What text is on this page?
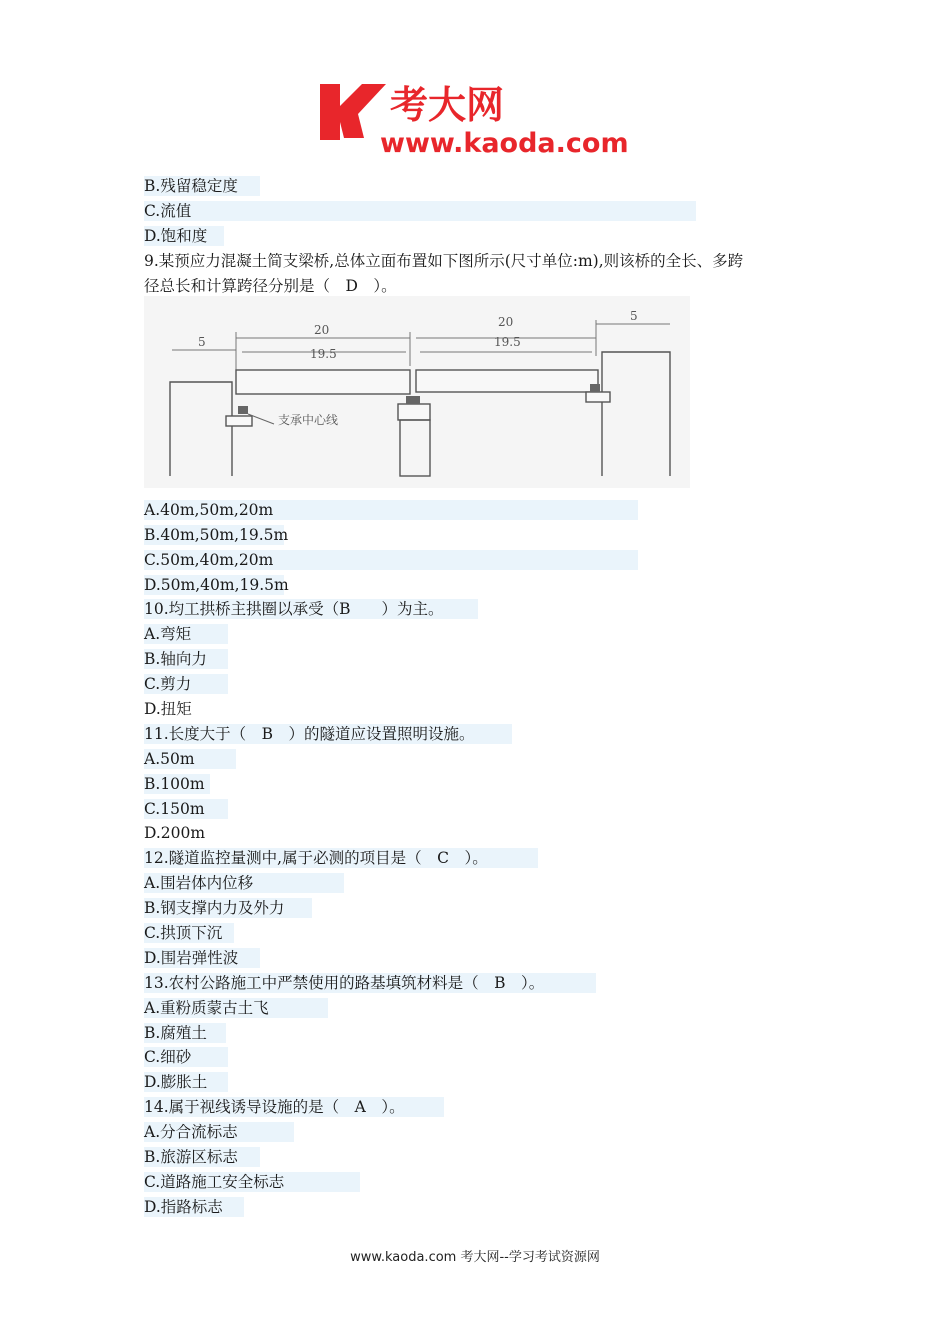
考大网
www.kaoda.com
B.残留稳定度
C.流值
D.饱和度
9.某预应力混凝土简支梁桥,总体立面布置如下图所示(尺寸单位:m),则该桥的全长、多跨
径总长和计算跨径分别是（　D　）。
5
20
19.5
20
19.5
5
支承中心线
A.40m,50m,20m
B.40m,50m,19.5m
C.50m,40m,20m
D.50m,40m,19.5m
10.均工拱桥主拱圈以承受（B　　）为主。
A.弯矩
B.轴向力
C.剪力
D.扭矩
11.长度大于（　B　）的隧道应设置照明设施。
A.50m
B.100m
C.150m
D.200m
12.隧道监控量测中,属于必测的项目是（　C　）。
A.围岩体内位移
B.钢支撑内力及外力
C.拱顶下沉
D.围岩弹性波
13.农村公路施工中严禁使用的路基填筑材料是（　B　）。
A.重粉质蒙古土飞
B.腐殖土
C.细砂
D.膨胀土
14.属于视线诱导设施的是（　A　）。
A.分合流标志
B.旅游区标志
C.道路施工安全标志
D.指路标志
www.kaoda.com 考大网--学习考试资源网
